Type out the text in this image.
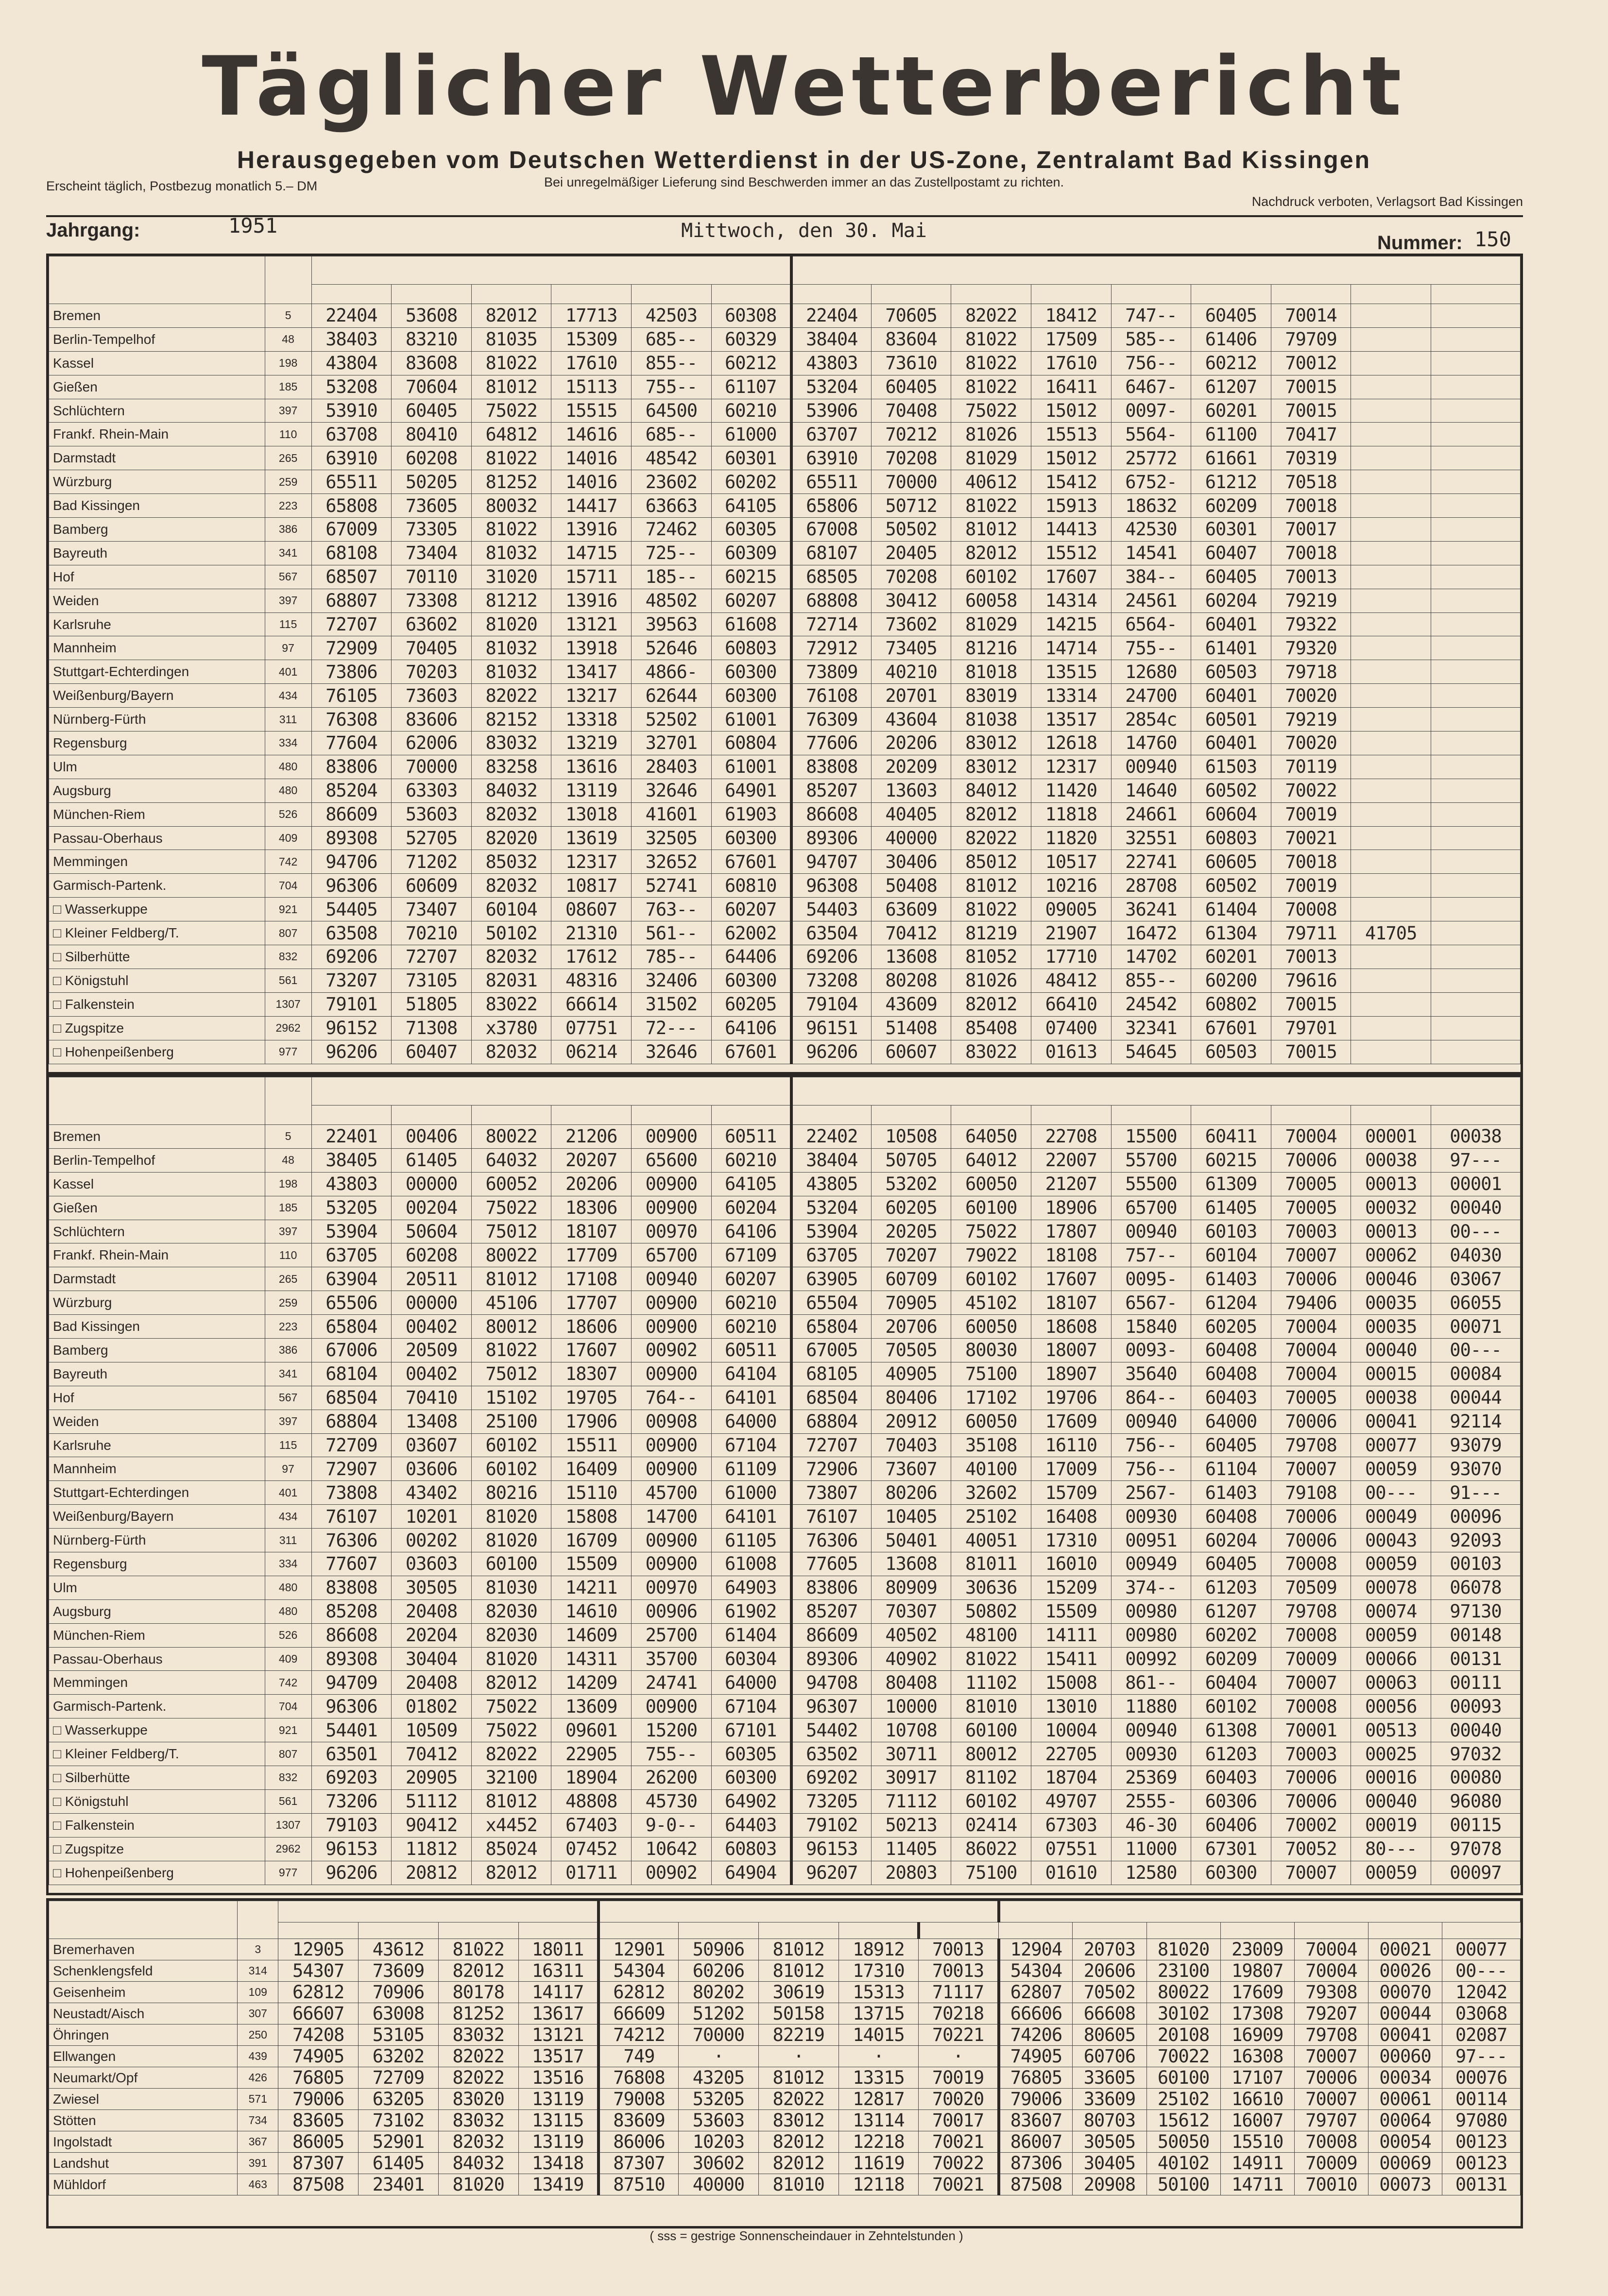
Täglicher Wetterbericht
Herausgegeben vom Deutschen Wetterdienst in der US-Zone, Zentralamt Bad Kissingen
Erscheint täglich, Postbezug monatlich 5.– DM	Bei unregelmäßiger Lieferung sind Beschwerden immer an das Zustellpostamt zu richten.
Nachdruck verboten, Verlagsort Bad Kissingen
Jahrgang:	1951	Mittwoch, den 30. Mai
Nummer: 150

Bremen	5	22404	53608	82012	17713	42503	60308	22404	70605	82022	18412	747--	60405	70014		
Berlin-Tempelhof	48	38403	83210	81035	15309	685--	60329	38404	83604	81022	17509	585--	61406	79709		
Kassel	198	43804	83608	81022	17610	855--	60212	43803	73610	81022	17610	756--	60212	70012		
Gießen	185	53208	70604	81012	15113	755--	61107	53204	60405	81022	16411	6467-	61207	70015		
Schlüchtern	397	53910	60405	75022	15515	64500	60210	53906	70408	75022	15012	0097-	60201	70015		
Frankf. Rhein-Main	110	63708	80410	64812	14616	685--	61000	63707	70212	81026	15513	5564-	61100	70417		
Darmstadt	265	63910	60208	81022	14016	48542	60301	63910	70208	81029	15012	25772	61661	70319		
Würzburg	259	65511	50205	81252	14016	23602	60202	65511	70000	40612	15412	6752-	61212	70518		
Bad Kissingen	223	65808	73605	80032	14417	63663	64105	65806	50712	81022	15913	18632	60209	70018		
Bamberg	386	67009	73305	81022	13916	72462	60305	67008	50502	81012	14413	42530	60301	70017		
Bayreuth	341	68108	73404	81032	14715	725--	60309	68107	20405	82012	15512	14541	60407	70018		
Hof	567	68507	70110	31020	15711	185--	60215	68505	70208	60102	17607	384--	60405	70013		
Weiden	397	68807	73308	81212	13916	48502	60207	68808	30412	60058	14314	24561	60204	79219		
Karlsruhe	115	72707	63602	81020	13121	39563	61608	72714	73602	81029	14215	6564-	60401	79322		
Mannheim	97	72909	70405	81032	13918	52646	60803	72912	73405	81216	14714	755--	61401	79320		
Stuttgart-Echterdingen	401	73806	70203	81032	13417	4866-	60300	73809	40210	81018	13515	12680	60503	79718		
Weißenburg/Bayern	434	76105	73603	82022	13217	62644	60300	76108	20701	83019	13314	24700	60401	70020		
Nürnberg-Fürth	311	76308	83606	82152	13318	52502	61001	76309	43604	81038	13517	2854c	60501	79219		
Regensburg	334	77604	62006	83032	13219	32701	60804	77606	20206	83012	12618	14760	60401	70020		
Ulm	480	83806	70000	83258	13616	28403	61001	83808	20209	83012	12317	00940	61503	70119		
Augsburg	480	85204	63303	84032	13119	32646	64901	85207	13603	84012	11420	14640	60502	70022		
München-Riem	526	86609	53603	82032	13018	41601	61903	86608	40405	82012	11818	24661	60604	70019		
Passau-Oberhaus	409	89308	52705	82020	13619	32505	60300	89306	40000	82022	11820	32551	60803	70021		
Memmingen	742	94706	71202	85032	12317	32652	67601	94707	30406	85012	10517	22741	60605	70018		
Garmisch-Partenk.	704	96306	60609	82032	10817	52741	60810	96308	50408	81012	10216	28708	60502	70019		
□ Wasserkuppe	921	54405	73407	60104	08607	763--	60207	54403	63609	81022	09005	36241	61404	70008		
□ Kleiner Feldberg/T.	807	63508	70210	50102	21310	561--	62002	63504	70412	81219	21907	16472	61304	79711	41705	
□ Silberhütte	832	69206	72707	82032	17612	785--	64406	69206	13608	81052	17710	14702	60201	70013		
□ Königstuhl	561	73207	73105	82031	48316	32406	60300	73208	80208	81026	48412	855--	60200	79616		
□ Falkenstein	1307	79101	51805	83022	66614	31502	60205	79104	43609	82012	66410	24542	60802	70015		
□ Zugspitze	2962	96152	71308	x3780	07751	72---	64106	96151	51408	85408	07400	32341	67601	79701		
□ Hohenpeißenberg	977	96206	60407	82032	06214	32646	67601	96206	60607	83022	01613	54645	60503	70015		

Bremen	5	22401	00406	80022	21206	00900	60511	22402	10508	64050	22708	15500	60411	70004	00001	00038
Berlin-Tempelhof	48	38405	61405	64032	20207	65600	60210	38404	50705	64012	22007	55700	60215	70006	00038	97---
Kassel	198	43803	00000	60052	20206	00900	64105	43805	53202	60050	21207	55500	61309	70005	00013	00001
Gießen	185	53205	00204	75022	18306	00900	60204	53204	60205	60100	18906	65700	61405	70005	00032	00040
Schlüchtern	397	53904	50604	75012	18107	00970	64106	53904	20205	75022	17807	00940	60103	70003	00013	00---
Frankf. Rhein-Main	110	63705	60208	80022	17709	65700	67109	63705	70207	79022	18108	757--	60104	70007	00062	04030
Darmstadt	265	63904	20511	81012	17108	00940	60207	63905	60709	60102	17607	0095-	61403	70006	00046	03067
Würzburg	259	65506	00000	45106	17707	00900	60210	65504	70905	45102	18107	6567-	61204	79406	00035	06055
Bad Kissingen	223	65804	00402	80012	18606	00900	60210	65804	20706	60050	18608	15840	60205	70004	00035	00071
Bamberg	386	67006	20509	81022	17607	00902	60511	67005	70505	80030	18007	0093-	60408	70004	00040	00---
Bayreuth	341	68104	00402	75012	18307	00900	64104	68105	40905	75100	18907	35640	60408	70004	00015	00084
Hof	567	68504	70410	15102	19705	764--	64101	68504	80406	17102	19706	864--	60403	70005	00038	00044
Weiden	397	68804	13408	25100	17906	00908	64000	68804	20912	60050	17609	00940	64000	70006	00041	92114
Karlsruhe	115	72709	03607	60102	15511	00900	67104	72707	70403	35108	16110	756--	60405	79708	00077	93079
Mannheim	97	72907	03606	60102	16409	00900	61109	72906	73607	40100	17009	756--	61104	70007	00059	93070
Stuttgart-Echterdingen	401	73808	43402	80216	15110	45700	61000	73807	80206	32602	15709	2567-	61403	79108	00---	91---
Weißenburg/Bayern	434	76107	10201	81020	15808	14700	64101	76107	10405	25102	16408	00930	60408	70006	00049	00096
Nürnberg-Fürth	311	76306	00202	81020	16709	00900	61105	76306	50401	40051	17310	00951	60204	70006	00043	92093
Regensburg	334	77607	03603	60100	15509	00900	61008	77605	13608	81011	16010	00949	60405	70008	00059	00103
Ulm	480	83808	30505	81030	14211	00970	64903	83806	80909	30636	15209	374--	61203	70509	00078	06078
Augsburg	480	85208	20408	82030	14610	00906	61902	85207	70307	50802	15509	00980	61207	79708	00074	97130
München-Riem	526	86608	20204	82030	14609	25700	61404	86609	40502	48100	14111	00980	60202	70008	00059	00148
Passau-Oberhaus	409	89308	30404	81020	14311	35700	60304	89306	40902	81022	15411	00992	60209	70009	00066	00131
Memmingen	742	94709	20408	82012	14209	24741	64000	94708	80408	11102	15008	861--	60404	70007	00063	00111
Garmisch-Partenk.	704	96306	01802	75022	13609	00900	67104	96307	10000	81010	13010	11880	60102	70008	00056	00093
□ Wasserkuppe	921	54401	10509	75022	09601	15200	67101	54402	10708	60100	10004	00940	61308	70001	00513	00040
□ Kleiner Feldberg/T.	807	63501	70412	82022	22905	755--	60305	63502	30711	80012	22705	00930	61203	70003	00025	97032
□ Silberhütte	832	69203	20905	32100	18904	26200	60300	69202	30917	81102	18704	25369	60403	70006	00016	00080
□ Königstuhl	561	73206	51112	81012	48808	45730	64902	73205	71112	60102	49707	2555-	60306	70006	00040	96080
□ Falkenstein	1307	79103	90412	x4452	67403	9-0--	64403	79102	50213	02414	67303	46-30	60406	70002	00019	00115
□ Zugspitze	2962	96153	11812	85024	07452	10642	60803	96153	11405	86022	07551	11000	67301	70052	80---	97078
□ Hohenpeißenberg	977	96206	20812	82012	01711	00902	64904	96207	20803	75100	01610	12580	60300	70007	00059	00097

Bremerhaven	3	12905	43612	81022	18011	12901	50906	81012	18912	70013	12904	20703	81020	23009	70004	00021	00077
Schenklengsfeld	314	54307	73609	82012	16311	54304	60206	81012	17310	70013	54304	20606	23100	19807	70004	00026	00---
Geisenheim	109	62812	70906	80178	14117	62812	80202	30619	15313	71117	62807	70502	80022	17609	79308	00070	12042
Neustadt/Aisch	307	66607	63008	81252	13617	66609	51202	50158	13715	70218	66606	66608	30102	17308	79207	00044	03068
Öhringen	250	74208	53105	83032	13121	74212	70000	82219	14015	70221	74206	80605	20108	16909	79708	00041	02087
Ellwangen	439	74905	63202	82022	13517	749	·	·	·	·	74905	60706	70022	16308	70007	00060	97---
Neumarkt/Opf	426	76805	72709	82022	13516	76808	43205	81012	13315	70019	76805	33605	60100	17107	70006	00034	00076
Zwiesel	571	79006	63205	83020	13119	79008	53205	82022	12817	70020	79006	33609	25102	16610	70007	00061	00114
Stötten	734	83605	73102	83032	13115	83609	53603	83012	13114	70017	83607	80703	15612	16007	79707	00064	97080
Ingolstadt	367	86005	52901	82032	13119	86006	10203	82012	12218	70021	86007	30505	50050	15510	70008	00054	00123
Landshut	391	87307	61405	84032	13418	87307	30602	82012	11619	70022	87306	30405	40102	14911	70009	00069	00123
Mühldorf	463	87508	23401	81020	13419	87510	40000	81010	12118	70021	87508	20908	50100	14711	70010	00073	00131
( sss = gestrige Sonnenscheindauer in Zehntelstunden )
